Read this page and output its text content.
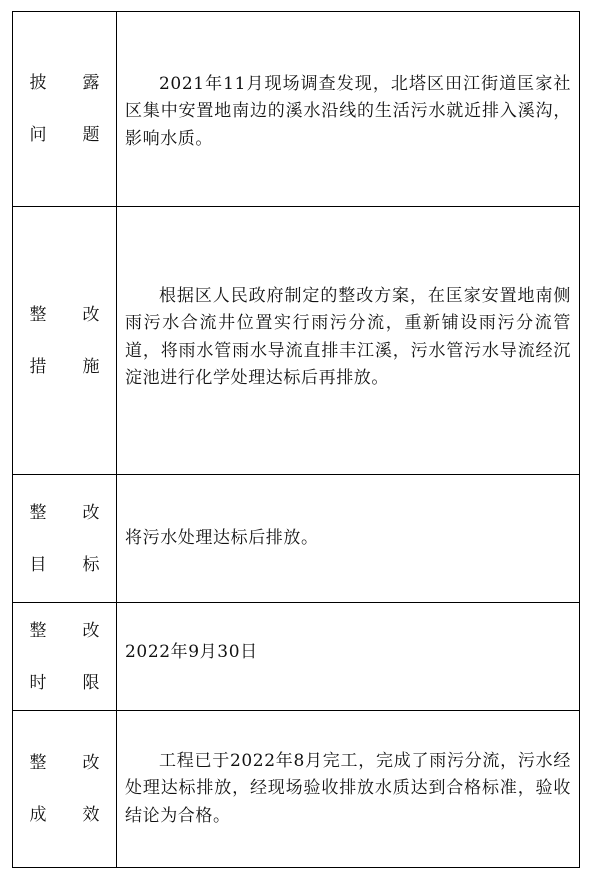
披露
问题	2021年11月现场调查发现，北塔区田江街道匡家社区集中安置地南边的溪水沿线的生活污水就近排入溪沟，影响水质。

整改
措施	根据区人民政府制定的整改方案，在匡家安置地南侧雨污水合流井位置实行雨污分流，重新铺设雨污分流管道，将雨水管雨水导流直排丰江溪，污水管污水导流经沉淀池进行化学处理达标后再排放。

整改
目标	将污水处理达标后排放。

整改
时限	2022年9月30日

整改
成效	工程已于2022年8月完工，完成了雨污分流，污水经处理达标排放，经现场验收排放水质达到合格标准，验收结论为合格。
